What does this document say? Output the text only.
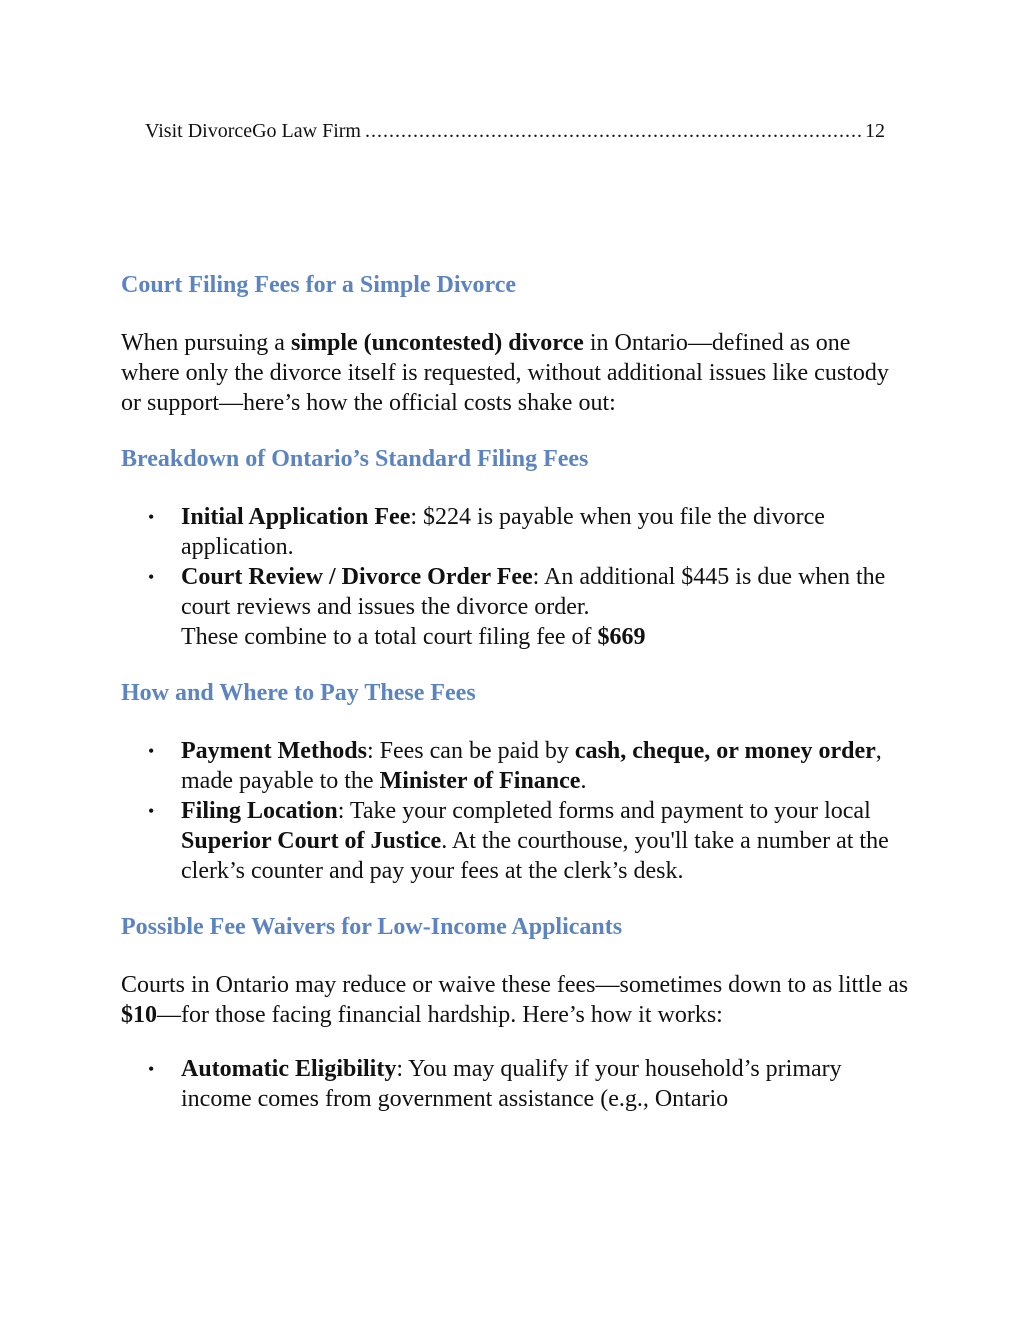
Visit DivorceGo Law Firm
.....	12
Court Filing Fees for a Simple Divorce

When pursuing a simple (uncontested) divorce in Ontario—defined as one where only the divorce itself is requested, without additional issues like custody or support—here’s how the official costs shake out:

Breakdown of Ontario’s Standard Filing Fees
• Initial Application Fee: $224 is payable when you file the divorce application.
• Court Review / Divorce Order Fee: An additional $445 is due when the court reviews and issues the divorce order.
These combine to a total court filing fee of $669
How and Where to Pay These Fees
• Payment Methods: Fees can be paid by cash, cheque, or money order, made payable to the Minister of Finance.
• Filing Location: Take your completed forms and payment to your local Superior Court of Justice. At the courthouse, you'll take a number at the clerk’s counter and pay your fees at the clerk’s desk.
Possible Fee Waivers for Low-Income Applicants

Courts in Ontario may reduce or waive these fees—sometimes down to as little as $10—for those facing financial hardship. Here’s how it works:

• Automatic Eligibility: You may qualify if your household’s primary income comes from government assistance (e.g., Ontario
